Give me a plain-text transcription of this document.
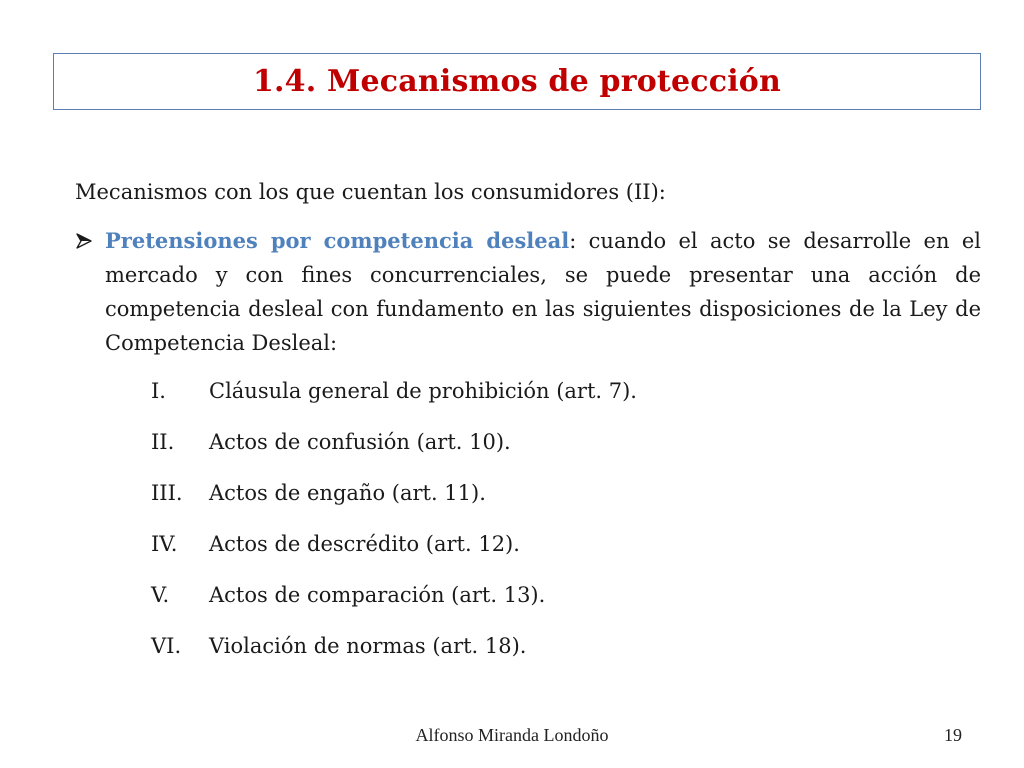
1.4. Mecanismos de protección

Mecanismos con los que cuentan los consumidores (II):

Pretensiones por competencia desleal: cuando el acto se desarrolle en el mercado y con fines concurrenciales, se puede presentar una acción de competencia desleal con fundamento en las siguientes disposiciones de la Ley de Competencia Desleal:

I.	Cláusula general de prohibición (art. 7).
II.	Actos de confusión (art. 10).
III.	Actos de engaño (art. 11).
IV.	Actos de descrédito (art. 12).
V.	Actos de comparación (art. 13).
VI.	Violación de normas (art. 18).
Alfonso Miranda Londoño	19
